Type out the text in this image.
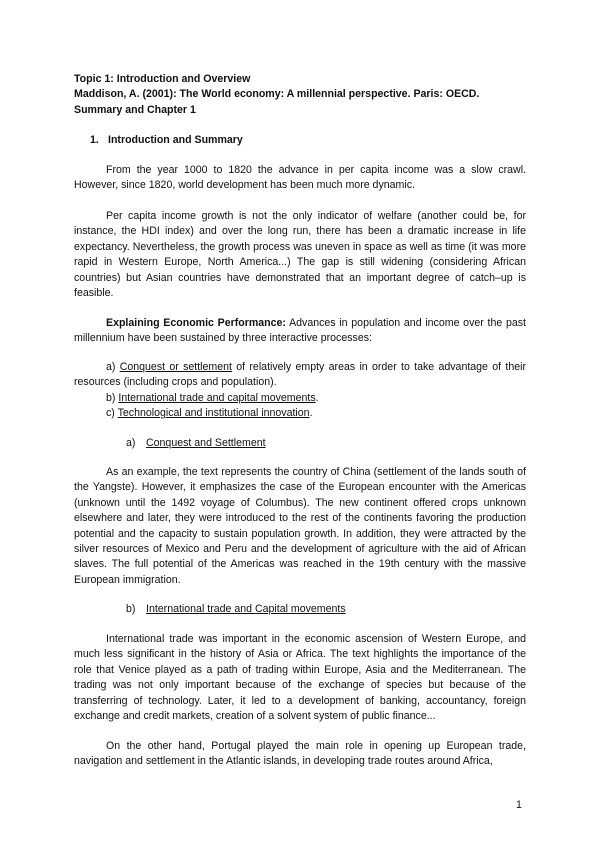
Topic 1: Introduction and Overview
Maddison, A. (2001): The World economy: A millennial perspective. Paris: OECD.
Summary and Chapter 1
1. Introduction and Summary
From the year 1000 to 1820 the advance in per capita income was a slow crawl. However, since 1820, world development has been much more dynamic.
Per capita income growth is not the only indicator of welfare (another could be, for instance, the HDI index) and over the long run, there has been a dramatic increase in life expectancy. Nevertheless, the growth process was uneven in space as well as time (it was more rapid in Western Europe, North America...) The gap is still widening (considering African countries) but Asian countries have demonstrated that an important degree of catch–up is feasible.
Explaining Economic Performance: Advances in population and income over the past millennium have been sustained by three interactive processes:
a) Conquest or settlement of relatively empty areas in order to take advantage of their resources (including crops and population).
b) International trade and capital movements.
c) Technological and institutional innovation.
a) Conquest and Settlement
As an example, the text represents the country of China (settlement of the lands south of the Yangste). However, it emphasizes the case of the European encounter with the Americas (unknown until the 1492 voyage of Columbus). The new continent offered crops unknown elsewhere and later, they were introduced to the rest of the continents favoring the production potential and the capacity to sustain population growth. In addition, they were attracted by the silver resources of Mexico and Peru and the development of agriculture with the aid of African slaves. The full potential of the Americas was reached in the 19th century with the massive European immigration.
b) International trade and Capital movements
International trade was important in the economic ascension of Western Europe, and much less significant in the history of Asia or Africa. The text highlights the importance of the role that Venice played as a path of trading within Europe, Asia and the Mediterranean. The trading was not only important because of the exchange of species but because of the transferring of technology. Later, it led to a development of banking, accountancy, foreign exchange and credit markets, creation of a solvent system of public finance...
On the other hand, Portugal played the main role in opening up European trade, navigation and settlement in the Atlantic islands, in developing trade routes around Africa,
1
